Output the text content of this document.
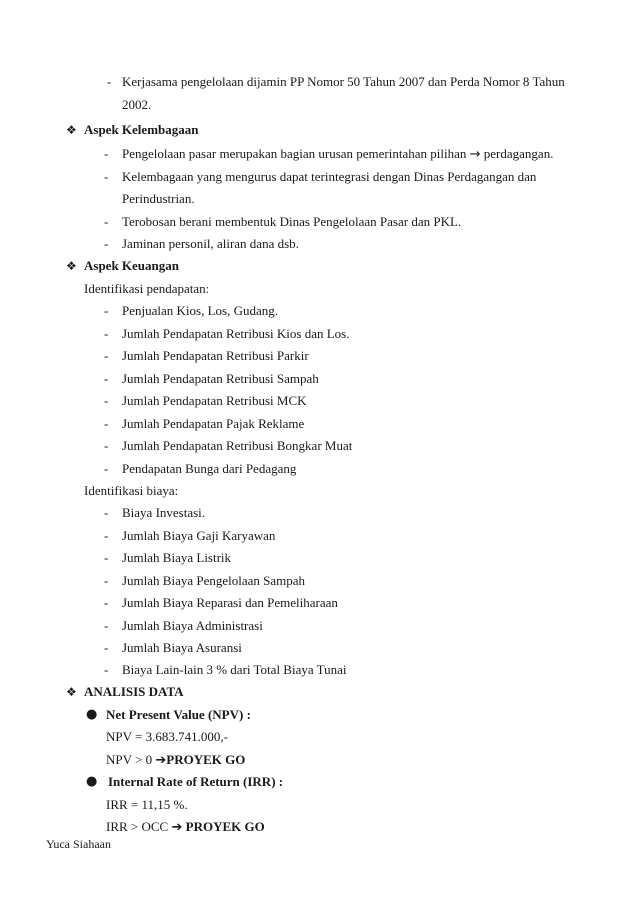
- Kerjasama pengelolaan dijamin PP Nomor 50 Tahun 2007 dan Perda Nomor 8 Tahun
2002.
❖ Aspek Kelembagaan
- Pengelolaan pasar merupakan bagian urusan pemerintahan pilihan → perdagangan.
- Kelembagaan yang mengurus dapat terintegrasi dengan Dinas Perdagangan dan
Perindustrian.
- Terobosan berani membentuk Dinas Pengelolaan Pasar dan PKL.
- Jaminan personil, aliran dana dsb.
❖ Aspek Keuangan
Identifikasi pendapatan:
- Penjualan Kios, Los, Gudang.
- Jumlah Pendapatan Retribusi Kios dan Los.
- Jumlah Pendapatan Retribusi Parkir
- Jumlah Pendapatan Retribusi Sampah
- Jumlah Pendapatan Retribusi MCK
- Jumlah Pendapatan Pajak Reklame
- Jumlah Pendapatan Retribusi Bongkar Muat
- Pendapatan Bunga dari Pedagang
Identifikasi biaya:
- Biaya Investasi.
- Jumlah Biaya Gaji Karyawan
- Jumlah Biaya Listrik
- Jumlah Biaya Pengelolaan Sampah
- Jumlah Biaya Reparasi dan Pemeliharaan
- Jumlah Biaya Administrasi
- Jumlah Biaya Asuransi
- Biaya Lain-lain 3 % dari Total Biaya Tunai
❖ ANALISIS DATA
● Net Present Value (NPV) :
NPV = 3.683.741.000,-
NPV > 0 ➔PROYEK GO
● Internal Rate of Return (IRR) :
IRR = 11,15 %.
IRR > OCC ➔ PROYEK GO
Yuca Siahaan
